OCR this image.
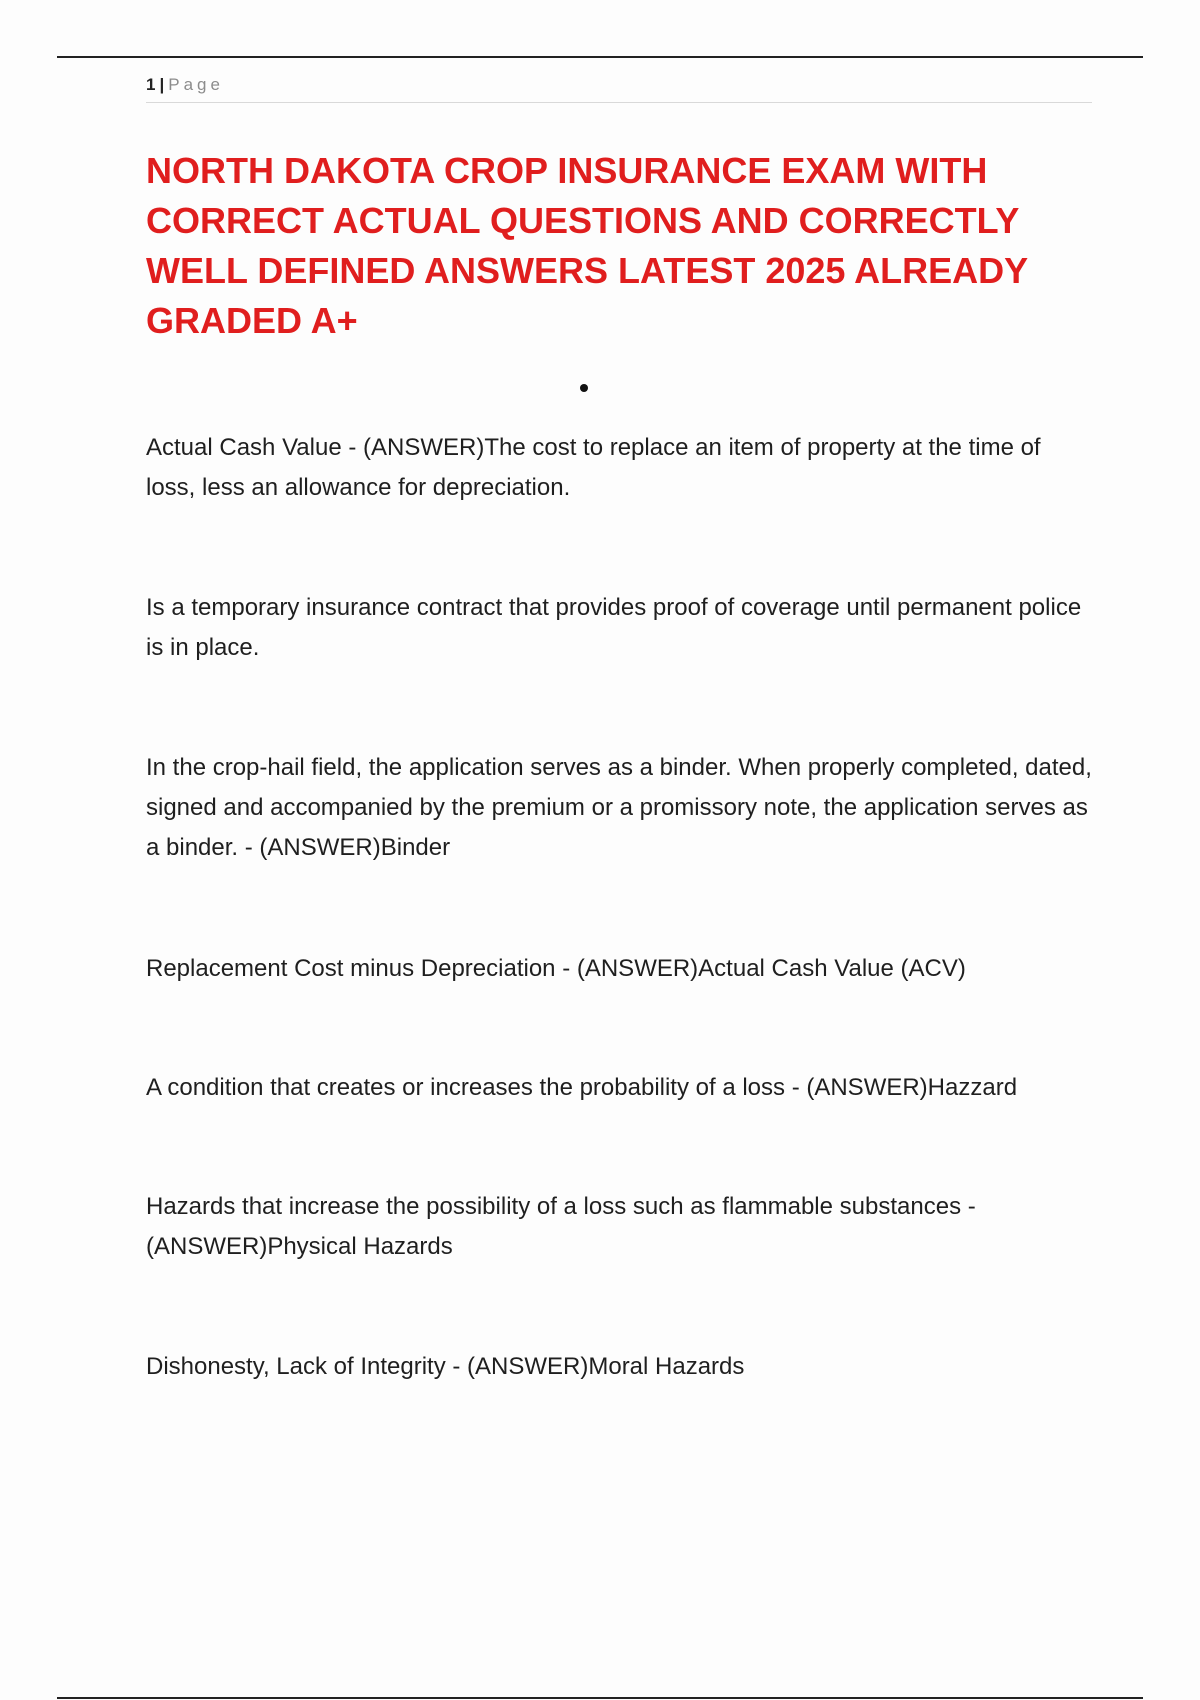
1 | Page
NORTH DAKOTA CROP INSURANCE EXAM WITH CORRECT ACTUAL QUESTIONS AND CORRECTLY WELL DEFINED ANSWERS LATEST 2025 ALREADY GRADED A+

Actual Cash Value - (ANSWER)The cost to replace an item of property at the time of loss, less an allowance for depreciation.

Is a temporary insurance contract that provides proof of coverage until permanent police is in place.

In the crop-hail field, the application serves as a binder. When properly completed, dated, signed and accompanied by the premium or a promissory note, the application serves as a binder. - (ANSWER)Binder

Replacement Cost minus Depreciation - (ANSWER)Actual Cash Value (ACV)

A condition that creates or increases the probability of a loss - (ANSWER)Hazzard

Hazards that increase the possibility of a loss such as flammable substances - (ANSWER)Physical Hazards

Dishonesty, Lack of Integrity - (ANSWER)Moral Hazards
